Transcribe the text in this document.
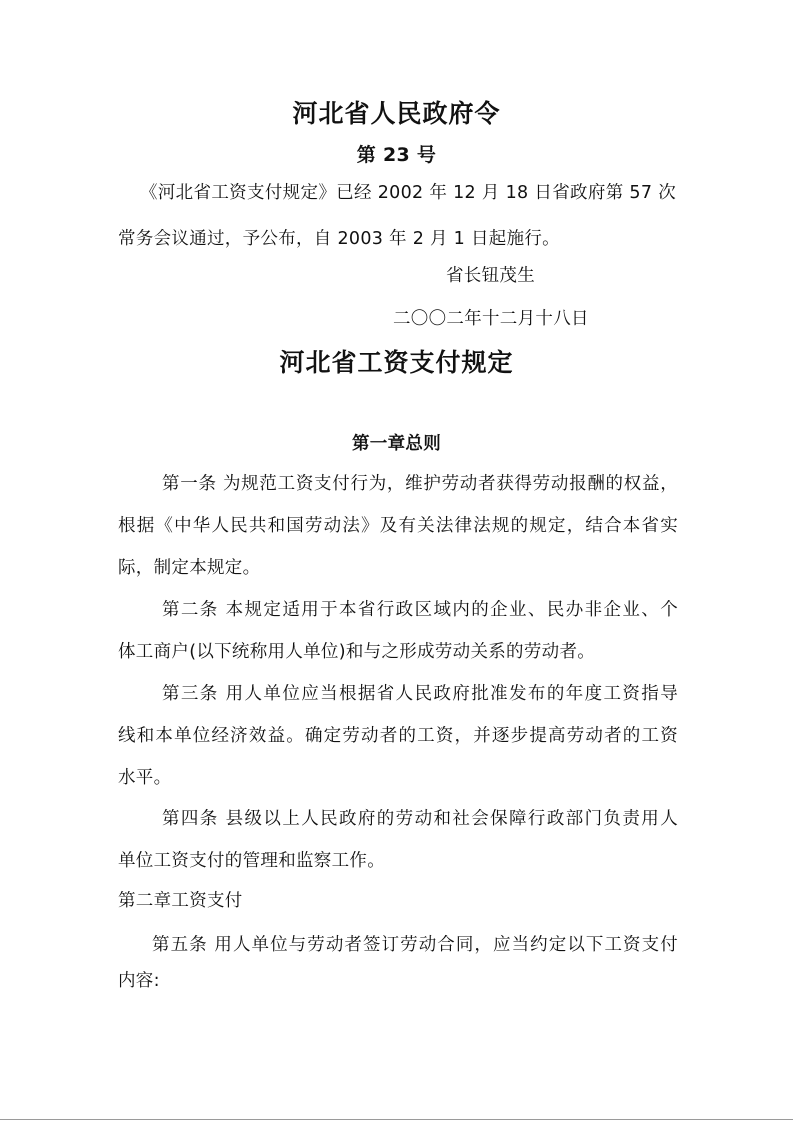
河北省人民政府令
第 23 号
《河北省工资支付规定》已经 2002 年 12 月 18 日省政府第 57 次
常务会议通过，予公布，自 2003 年 2 月 1 日起施行。
省长钮茂生
二〇〇二年十二月十八日
河北省工资支付规定
第一章总则
第一条 为规范工资支付行为，维护劳动者获得劳动报酬的权益，
根据《中华人民共和国劳动法》及有关法律法规的规定，结合本省实
际，制定本规定。
第二条 本规定适用于本省行政区域内的企业、民办非企业、个
体工商户(以下统称用人单位)和与之形成劳动关系的劳动者。
第三条 用人单位应当根据省人民政府批准发布的年度工资指导
线和本单位经济效益。确定劳动者的工资，并逐步提高劳动者的工资
水平。
第四条 县级以上人民政府的劳动和社会保障行政部门负责用人
单位工资支付的管理和监察工作。
第二章工资支付
第五条 用人单位与劳动者签订劳动合同，应当约定以下工资支付
内容:
